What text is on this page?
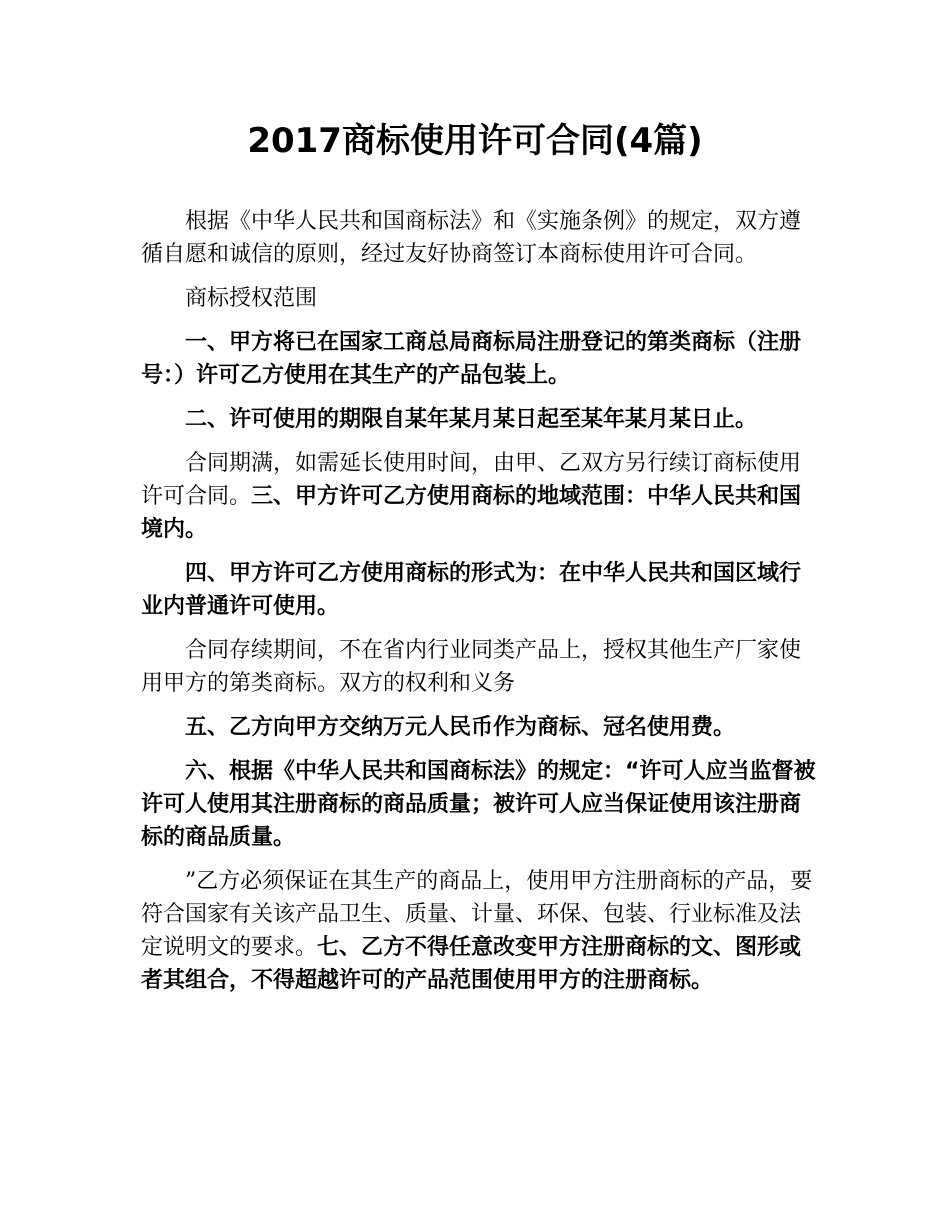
2017商标使用许可合同(4篇)

根据《中华人民共和国商标法》和《实施条例》的规定，双方遵循自愿和诚信的原则，经过友好协商签订本商标使用许可合同。

商标授权范围

一、甲方将已在国家工商总局商标局注册登记的第类商标（注册号：）许可乙方使用在其生产的产品包装上。

二、许可使用的期限自某年某月某日起至某年某月某日止。

合同期满，如需延长使用时间，由甲、乙双方另行续订商标使用许可合同。三、甲方许可乙方使用商标的地域范围：中华人民共和国境内。

四、甲方许可乙方使用商标的形式为：在中华人民共和国区域行业内普通许可使用。

合同存续期间，不在省内行业同类产品上，授权其他生产厂家使用甲方的第类商标。双方的权利和义务

五、乙方向甲方交纳万元人民币作为商标、冠名使用费。

六、根据《中华人民共和国商标法》的规定：“许可人应当监督被许可人使用其注册商标的商品质量；被许可人应当保证使用该注册商标的商品质量。

”乙方必须保证在其生产的商品上，使用甲方注册商标的产品，要符合国家有关该产品卫生、质量、计量、环保、包装、行业标准及法定说明文的要求。七、乙方不得任意改变甲方注册商标的文、图形或者其组合，不得超越许可的产品范围使用甲方的注册商标。
